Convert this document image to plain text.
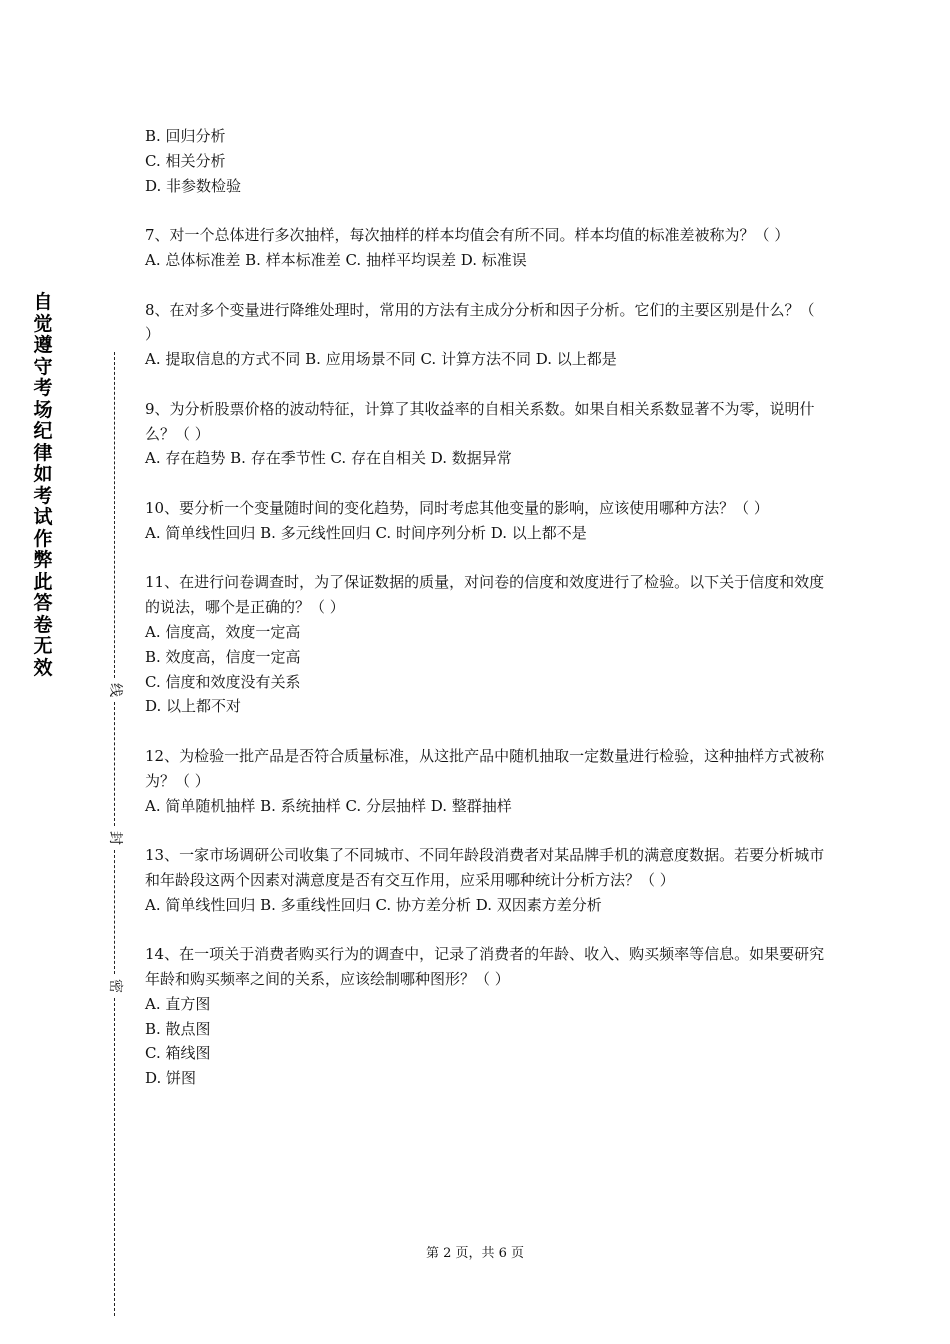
自觉遵守考场纪律如考试作弊此答卷无效
线
封
密

B. 回归分析

C. 相关分析

D. 非参数检验

7、对一个总体进行多次抽样，每次抽样的样本均值会有所不同。样本均值的标准差被称为？（ ）

A. 总体标准差 B. 样本标准差 C. 抽样平均误差 D. 标准误

8、在对多个变量进行降维处理时，常用的方法有主成分分析和因子分析。它们的主要区别是什么？（ ）

A. 提取信息的方式不同 B. 应用场景不同 C. 计算方法不同 D. 以上都是

9、为分析股票价格的波动特征，计算了其收益率的自相关系数。如果自相关系数显著不为零，说明什么？（ ）

A. 存在趋势 B. 存在季节性 C. 存在自相关 D. 数据异常

10、要分析一个变量随时间的变化趋势，同时考虑其他变量的影响，应该使用哪种方法？（ ）

A. 简单线性回归 B. 多元线性回归 C. 时间序列分析 D. 以上都不是

11、在进行问卷调查时，为了保证数据的质量，对问卷的信度和效度进行了检验。以下关于信度和效度的说法，哪个是正确的？（ ）

A. 信度高，效度一定高

B. 效度高，信度一定高

C. 信度和效度没有关系

D. 以上都不对

12、为检验一批产品是否符合质量标准，从这批产品中随机抽取一定数量进行检验，这种抽样方式被称为？（ ）

A. 简单随机抽样 B. 系统抽样 C. 分层抽样 D. 整群抽样

13、一家市场调研公司收集了不同城市、不同年龄段消费者对某品牌手机的满意度数据。若要分析城市和年龄段这两个因素对满意度是否有交互作用，应采用哪种统计分析方法？（ ）

A. 简单线性回归 B. 多重线性回归 C. 协方差分析 D. 双因素方差分析

14、在一项关于消费者购买行为的调查中，记录了消费者的年龄、收入、购买频率等信息。如果要研究年龄和购买频率之间的关系，应该绘制哪种图形？（ ）

A. 直方图

B. 散点图

C. 箱线图

D. 饼图

第 2 页，共 6 页
